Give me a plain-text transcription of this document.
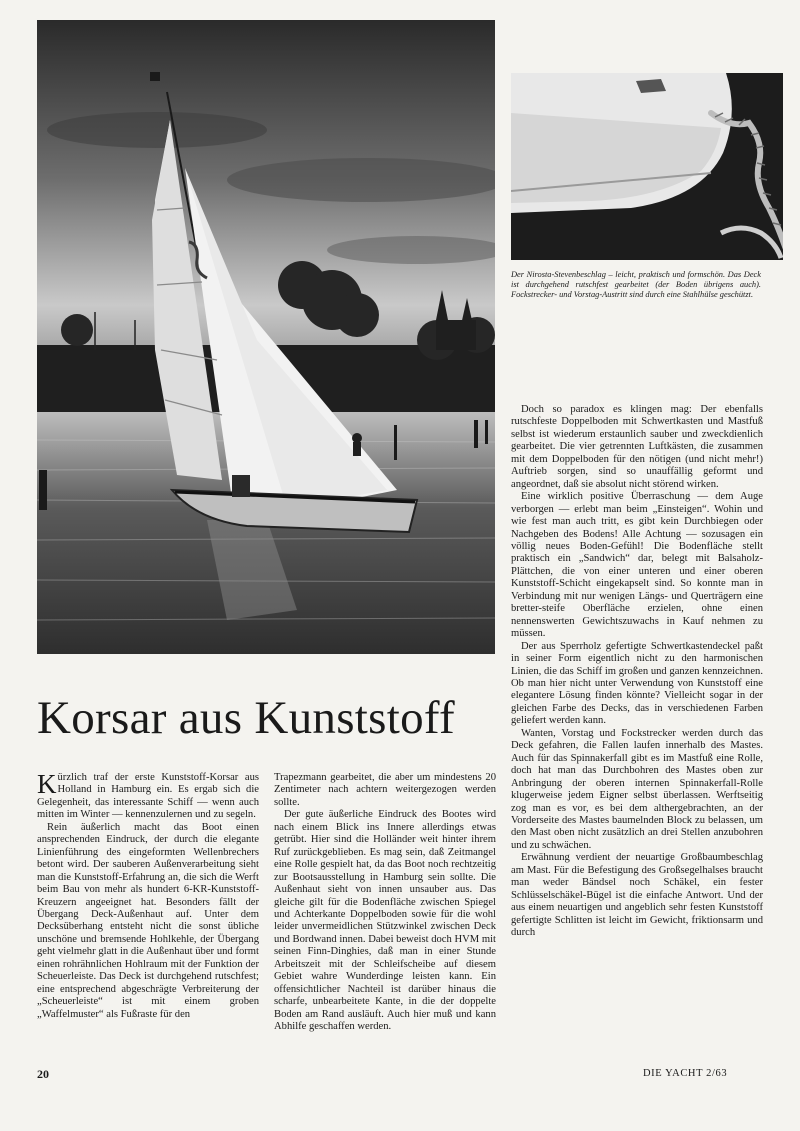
Der Nirosta-Stevenbeschlag – leicht, praktisch und formschön. Das Deck ist durchgehend rutschfest gearbeitet (der Boden übrigens auch). Fockstrecker- und Vorstag-Austritt sind durch eine Stahlhülse geschützt.
Korsar aus Kunststoff

Kürzlich traf der erste Kunststoff-Korsar aus Holland in Hamburg ein. Es ergab sich die Gelegenheit, das interessante Schiff — wenn auch mitten im Winter — kennenzulernen und zu segeln.

Rein äußerlich macht das Boot einen ansprechenden Eindruck, der durch die elegante Linienführung des eingeformten Wellenbrechers betont wird. Der sauberen Außenverarbeitung sieht man die Kunststoff-Erfahrung an, die sich die Werft beim Bau von mehr als hundert 6-KR-Kunststoff-Kreuzern angeeignet hat. Besonders fällt der Übergang Deck-Außenhaut auf. Unter dem Decksüberhang entsteht nicht die sonst übliche unschöne und bremsende Hohlkehle, der Übergang geht vielmehr glatt in die Außenhaut über und formt einen rohrähnlichen Hohlraum mit der Funktion der Scheuerleiste. Das Deck ist durchgehend rutschfest; eine entsprechend abgeschrägte Verbreiterung der „Scheuerleiste“ ist mit einem groben „Waffelmuster“ als Fußraste für den

Trapezmann gearbeitet, die aber um mindestens 20 Zentimeter nach achtern weitergezogen werden sollte.

Der gute äußerliche Eindruck des Bootes wird nach einem Blick ins Innere allerdings etwas getrübt. Hier sind die Holländer weit hinter ihrem Ruf zurückgeblieben. Es mag sein, daß Zeitmangel eine Rolle gespielt hat, da das Boot noch rechtzeitig zur Bootsausstellung in Hamburg sein sollte. Die Außenhaut sieht von innen unsauber aus. Das gleiche gilt für die Bodenfläche zwischen Spiegel und Achterkante Doppelboden sowie für die wohl leider unvermeidlichen Stützwinkel zwischen Deck und Bordwand innen. Dabei beweist doch HVM mit seinen Finn-Dinghies, daß man in einer Stunde Arbeitszeit mit der Schleifscheibe auf diesem Gebiet wahre Wunderdinge leisten kann. Ein offensichtlicher Nachteil ist darüber hinaus die scharfe, unbearbeitete Kante, in die der doppelte Boden am Rand ausläuft. Auch hier muß und kann Abhilfe geschaffen werden.

Doch so paradox es klingen mag: Der ebenfalls rutschfeste Doppelboden mit Schwertkasten und Mastfuß selbst ist wiederum erstaunlich sauber und zweckdienlich gearbeitet. Die vier getrennten Luftkästen, die zusammen mit dem Doppelboden für den nötigen (und nicht mehr!) Auftrieb sorgen, sind so unauffällig geformt und angeordnet, daß sie absolut nicht störend wirken.

Eine wirklich positive Überraschung — dem Auge verborgen — erlebt man beim „Einsteigen“. Wohin und wie fest man auch tritt, es gibt kein Durchbiegen oder Nachgeben des Bodens! Alle Achtung — sozusagen ein völlig neues Boden-Gefühl! Die Bodenfläche stellt praktisch ein „Sandwich“ dar, belegt mit Balsaholz-Plättchen, die von einer unteren und einer oberen Kunststoff-Schicht eingekapselt sind. So konnte man in Verbindung mit nur wenigen Längs- und Querträgern eine bretter-steife Oberfläche erzielen, ohne einen nennenswerten Gewichtszuwachs in Kauf nehmen zu müssen.

Der aus Sperrholz gefertigte Schwertkastendeckel paßt in seiner Form eigentlich nicht zu den harmonischen Linien, die das Schiff im großen und ganzen kennzeichnen. Ob man hier nicht unter Verwendung von Kunststoff eine elegantere Lösung finden könnte? Vielleicht sogar in der gleichen Farbe des Decks, das in verschiedenen Farben geliefert werden kann.

Wanten, Vorstag und Fockstrecker werden durch das Deck gefahren, die Fallen laufen innerhalb des Mastes. Auch für das Spinnakerfall gibt es im Mastfuß eine Rolle, doch hat man das Durchbohren des Mastes oben zur Anbringung der oberen internen Spinnakerfall-Rolle klugerweise jedem Eigner selbst überlassen. Werftseitig zog man es vor, es bei dem althergebrachten, an der Vorderseite des Mastes baumelnden Block zu belassen, um den Mast oben nicht zusätzlich an drei Stellen anzubohren und zu schwächen.

Erwähnung verdient der neuartige Großbaumbeschlag am Mast. Für die Befestigung des Großsegelhalses braucht man weder Bändsel noch Schäkel, ein fester Schlüsselschäkel-Bügel ist die einfache Antwort. Und der aus einem neuartigen und angeblich sehr festen Kunststoff gefertigte Schlitten ist leicht im Gewicht, friktionsarm und durch

20	DIE YACHT 2/63
